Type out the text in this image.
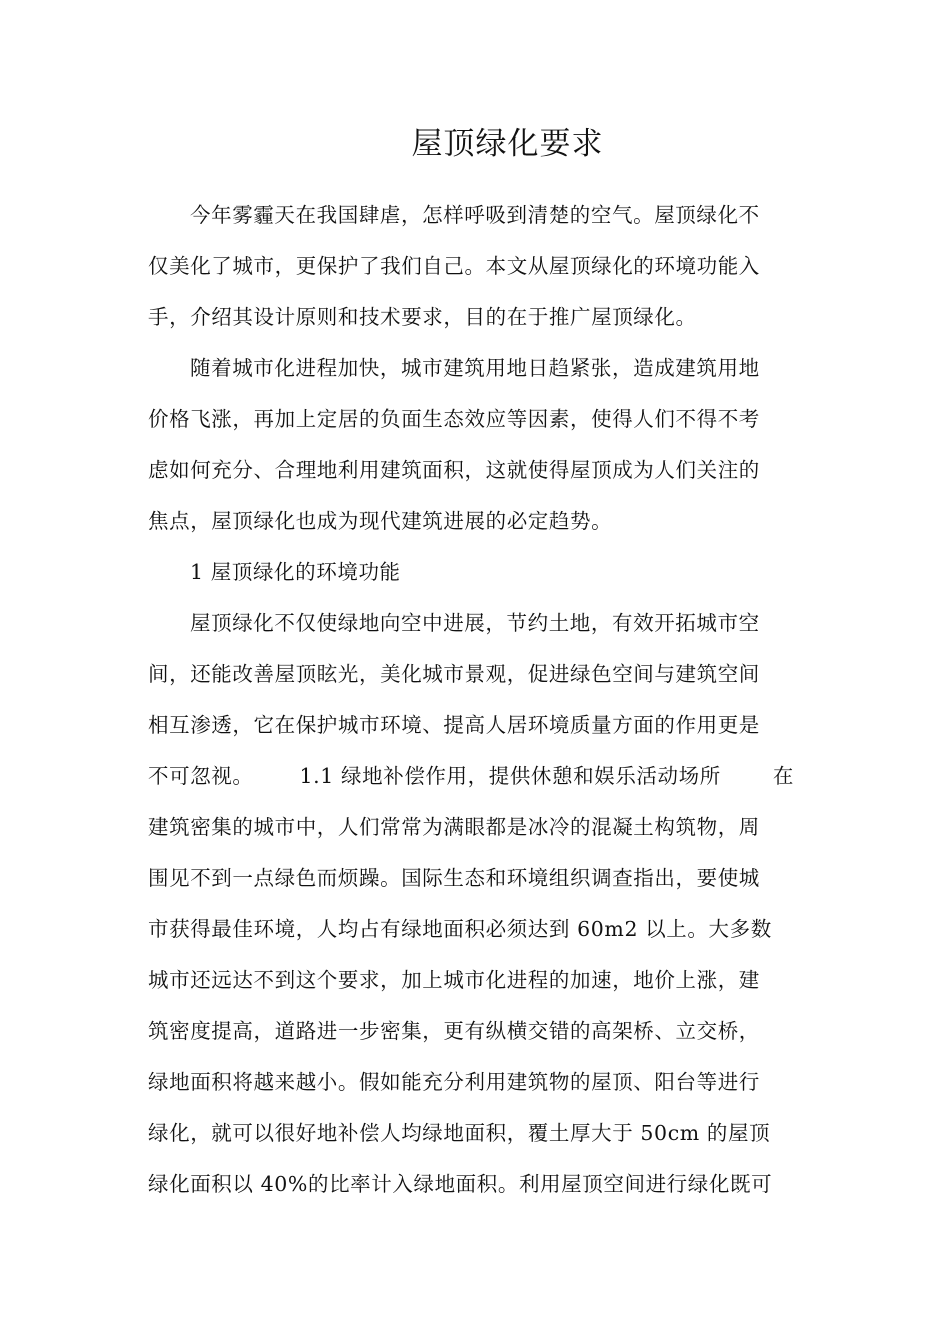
屋顶绿化要求
今年雾霾天在我国肆虐，怎样呼吸到清楚的空气。屋顶绿化不
仅美化了城市，更保护了我们自己。本文从屋顶绿化的环境功能入
手，介绍其设计原则和技术要求，目的在于推广屋顶绿化。
随着城市化进程加快，城市建筑用地日趋紧张，造成建筑用地
价格飞涨，再加上定居的负面生态效应等因素，使得人们不得不考
虑如何充分、合理地利用建筑面积，这就使得屋顶成为人们关注的
焦点，屋顶绿化也成为现代建筑进展的必定趋势。
1 屋顶绿化的环境功能
屋顶绿化不仅使绿地向空中进展，节约土地，有效开拓城市空
间，还能改善屋顶眩光，美化城市景观，促进绿色空间与建筑空间
相互渗透，它在保护城市环境、提高人居环境质量方面的作用更是
不可忽视。 1.1 绿地补偿作用，提供休憩和娱乐活动场所	在
建筑密集的城市中，人们常常为满眼都是冰冷的混凝土构筑物，周
围见不到一点绿色而烦躁。国际生态和环境组织调查指出，要使城
市获得最佳环境，人均占有绿地面积必须达到 60m2 以上。大多数
城市还远达不到这个要求，加上城市化进程的加速，地价上涨，建
筑密度提高，道路进一步密集，更有纵横交错的高架桥、立交桥，
绿地面积将越来越小。假如能充分利用建筑物的屋顶、阳台等进行
绿化，就可以很好地补偿人均绿地面积，覆土厚大于 50cm 的屋顶
绿化面积以 40%的比率计入绿地面积。利用屋顶空间进行绿化既可
